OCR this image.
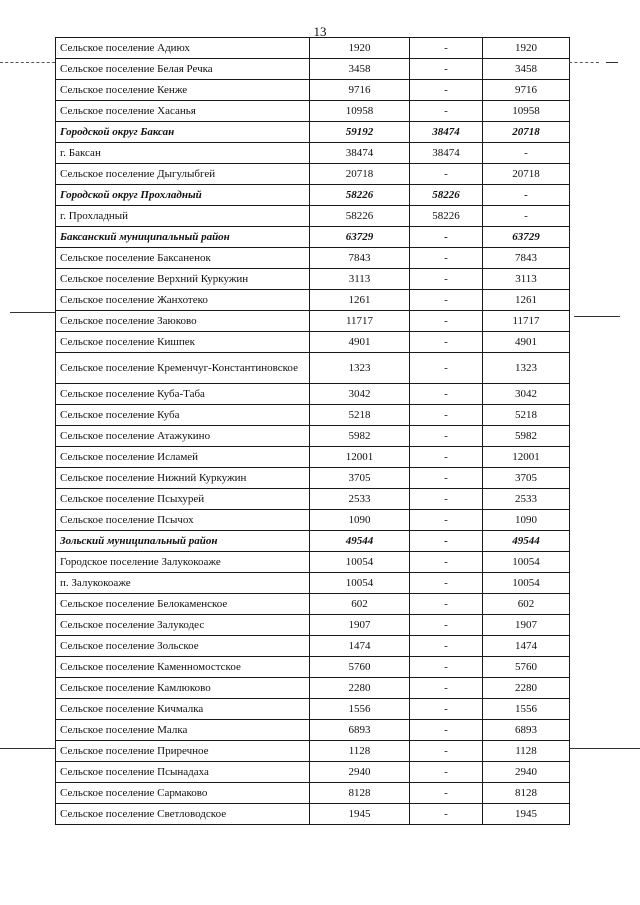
13
Сельское поселение Адиюх	1920	-	1920
Сельское поселение Белая Речка	3458	-	3458
Сельское поселение Кенже	9716	-	9716
Сельское поселение Хасанья	10958	-	10958
Городской округ Баксан	59192	38474	20718
г. Баксан	38474	38474	-
Сельское поселение Дыгулыбгей	20718	-	20718
Городской округ Прохладный	58226	58226	-
г. Прохладный	58226	58226	-
Баксанский муниципальный район	63729	-	63729
Сельское поселение Баксаненок	7843	-	7843
Сельское поселение Верхний Куркужин	3113	-	3113
Сельское поселение Жанхотеко	1261	-	1261
Сельское поселение Заюково	11717	-	11717
Сельское поселение Кишпек	4901	-	4901
Сельское поселение Кременчуг-Константиновское	1323	-	1323
Сельское поселение Куба-Таба	3042	-	3042
Сельское поселение Куба	5218	-	5218
Сельское поселение Атажукино	5982	-	5982
Сельское поселение Исламей	12001	-	12001
Сельское поселение Нижний Куркужин	3705	-	3705
Сельское поселение Псыхурей	2533	-	2533
Сельское поселение Псычох	1090	-	1090
Зольский муниципальный район	49544	-	49544
Городское поселение Залукокоаже	10054	-	10054
п. Залукокоаже	10054	-	10054
Сельское поселение Белокаменское	602	-	602
Сельское поселение Залукодес	1907	-	1907
Сельское поселение Зольское	1474	-	1474
Сельское поселение Каменномостское	5760	-	5760
Сельское поселение Камлюково	2280	-	2280
Сельское поселение Кичмалка	1556	-	1556
Сельское поселение Малка	6893	-	6893
Сельское поселение Приречное	1128	-	1128
Сельское поселение Псынадаха	2940	-	2940
Сельское поселение Сармаково	8128	-	8128
Сельское поселение Светловодское	1945	-	1945
